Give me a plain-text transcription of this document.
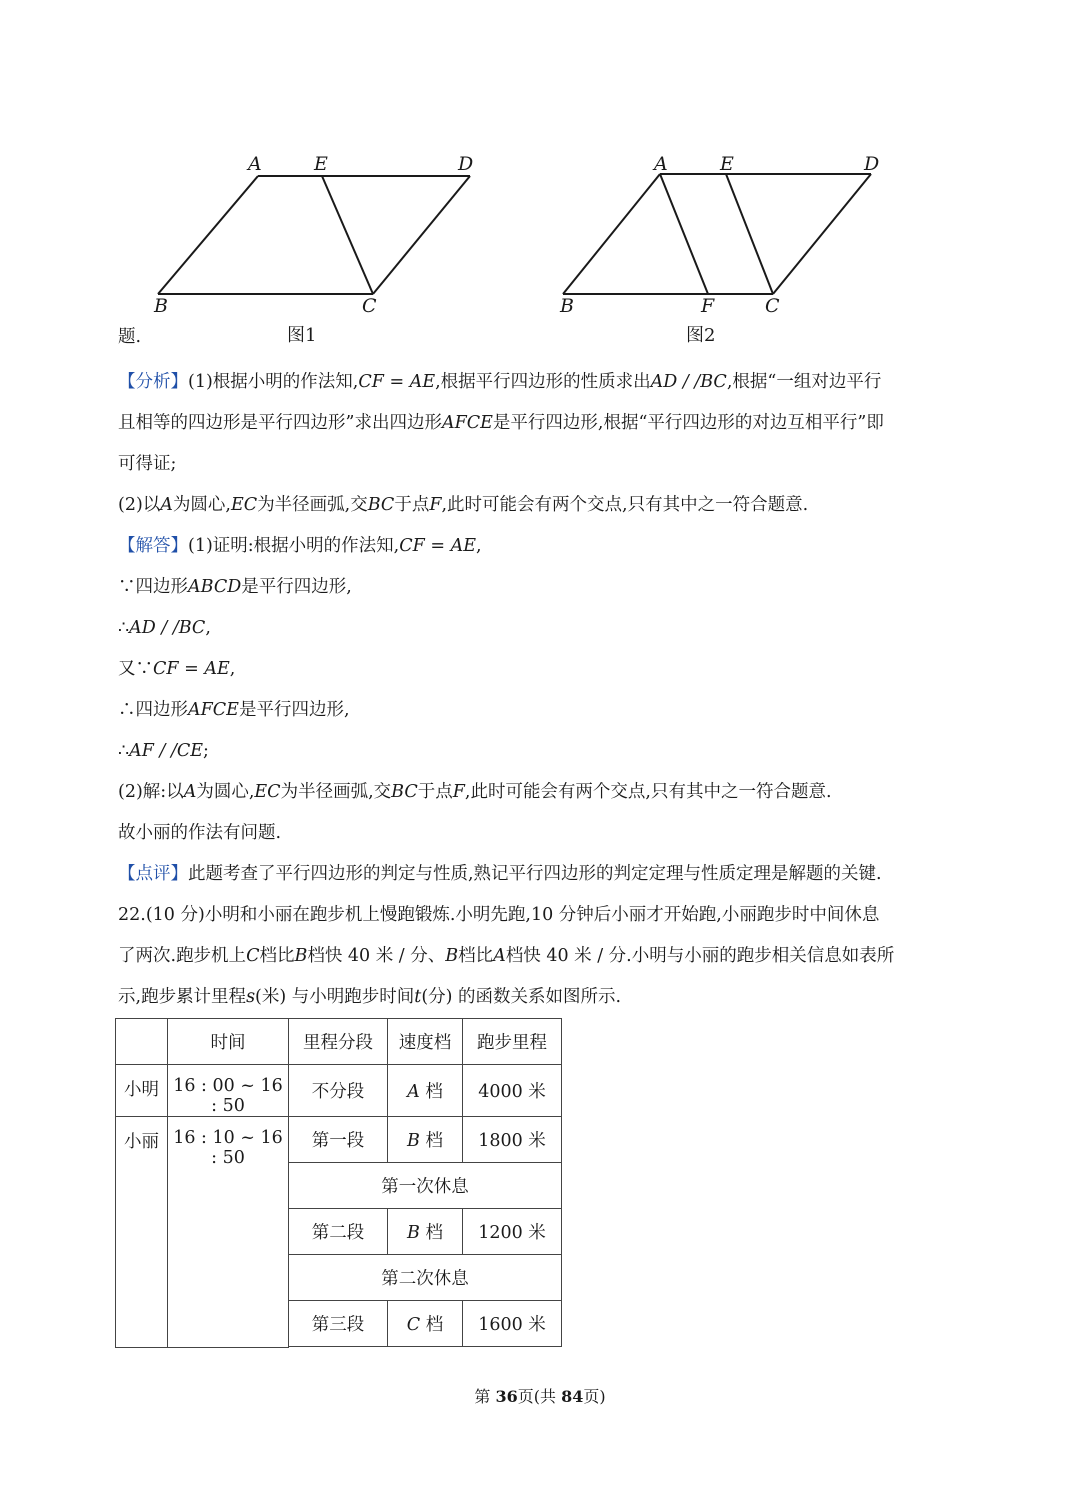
A	E	D
B	C
图1
A	E	D
B	F	C
图2
题.
【分析】(1)根据小明的作法知,CF = AE,根据平行四边形的性质求出AD / /BC,根据“一组对边平行
且相等的四边形是平行四边形”求出四边形AFCE是平行四边形,根据“平行四边形的对边互相平行”即
可得证;
(2)以A为圆心,EC为半径画弧,交BC于点F,此时可能会有两个交点,只有其中之一符合题意.
【解答】(1)证明:根据小明的作法知,CF = AE,
∵四边形ABCD是平行四边形,
∴AD / /BC,
又∵CF = AE,
∴四边形AFCE是平行四边形,
∴AF / /CE;
(2)解:以A为圆心,EC为半径画弧,交BC于点F,此时可能会有两个交点,只有其中之一符合题意.
故小丽的作法有问题.
【点评】此题考查了平行四边形的判定与性质,熟记平行四边形的判定定理与性质定理是解题的关键.
22.(10 分)小明和小丽在跑步机上慢跑锻炼.小明先跑,10 分钟后小丽才开始跑,小丽跑步时中间休息
了两次.跑步机上C档比B档快 40 米 / 分、B档比A档快 40 米 / 分.小明与小丽的跑步相关信息如表所
示,跑步累计里程s(米) 与小明跑步时间t(分) 的函数关系如图所示.
	时间	里程分段	速度档	跑步里程
小明	16 : 00 ~ 16 : 50	不分段	A 档	4000 米
小丽	16 : 10 ~ 16 : 50	第一段	B 档	1800 米
		第一次休息		
		第二段	B 档	1200 米
		第二次休息		
		第三段	C 档	1600 米

第 36页(共 84页)
